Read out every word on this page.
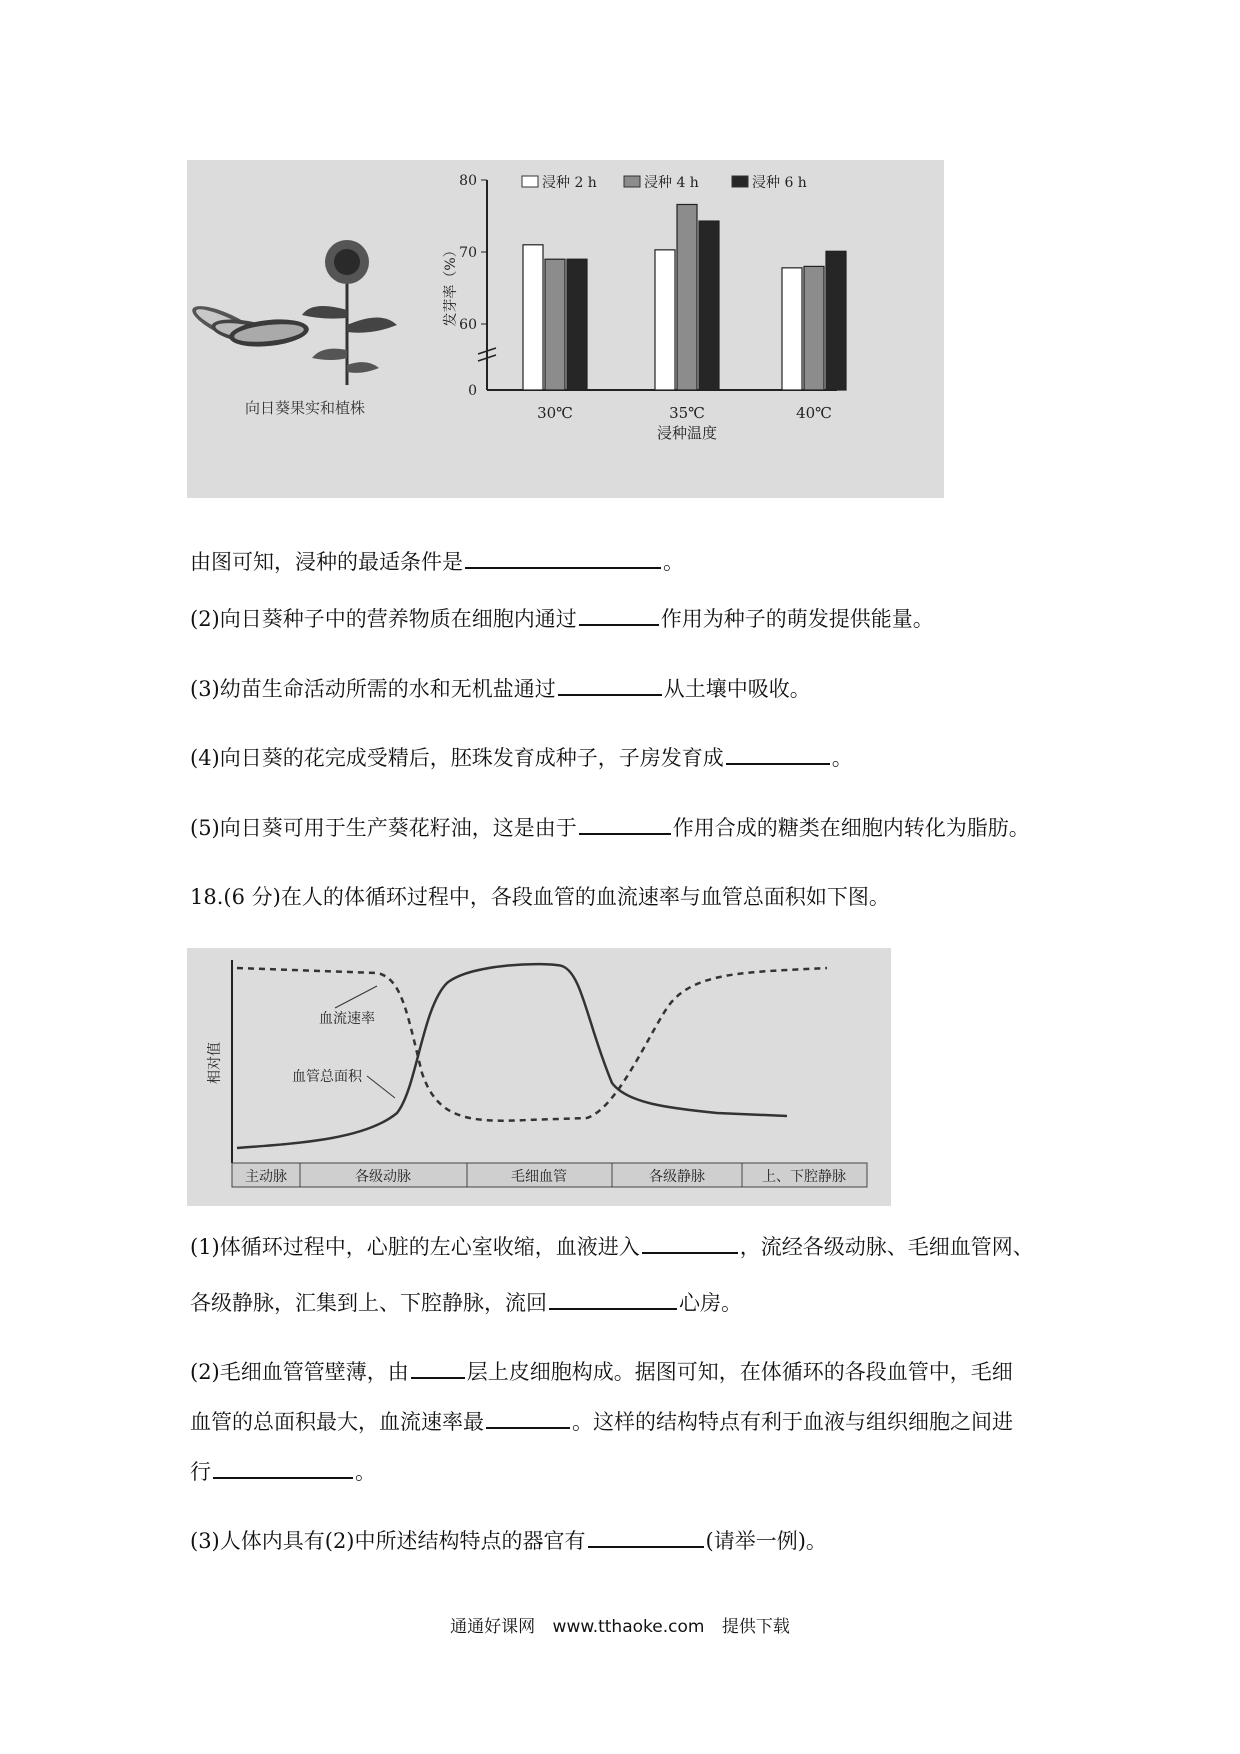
向日葵果实和植株
80
70
60
0
发芽率（%）
30℃	35℃	40℃
浸种温度
浸种 2 h	浸种 4 h	浸种 6 h
由图可知，浸种的最适条件是	。
(2)向日葵种子中的营养物质在细胞内通过	作用为种子的萌发提供能量。
(3)幼苗生命活动所需的水和无机盐通过	从土壤中吸收。
(4)向日葵的花完成受精后，胚珠发育成种子，子房发育成	。
(5)向日葵可用于生产葵花籽油，这是由于	作用合成的糖类在细胞内转化为脂肪。
18.(6 分)在人的体循环过程中，各段血管的血流速率与血管总面积如下图。
相对值
主动脉	各级动脉	毛细血管	各级静脉	上、下腔静脉
血流速率
血管总面积
(1)体循环过程中，心脏的左心室收缩，血液进入	，流经各级动脉、毛细血管网、
各级静脉，汇集到上、下腔静脉，流回	心房。
(2)毛细血管管壁薄，由	层上皮细胞构成。据图可知，在体循环的各段血管中，毛细
血管的总面积最大，血流速率最	。这样的结构特点有利于血液与组织细胞之间进
行	。
(3)人体内具有(2)中所述结构特点的器官有	(请举一例)。
通通好课网 www.tthaoke.com 提供下载
